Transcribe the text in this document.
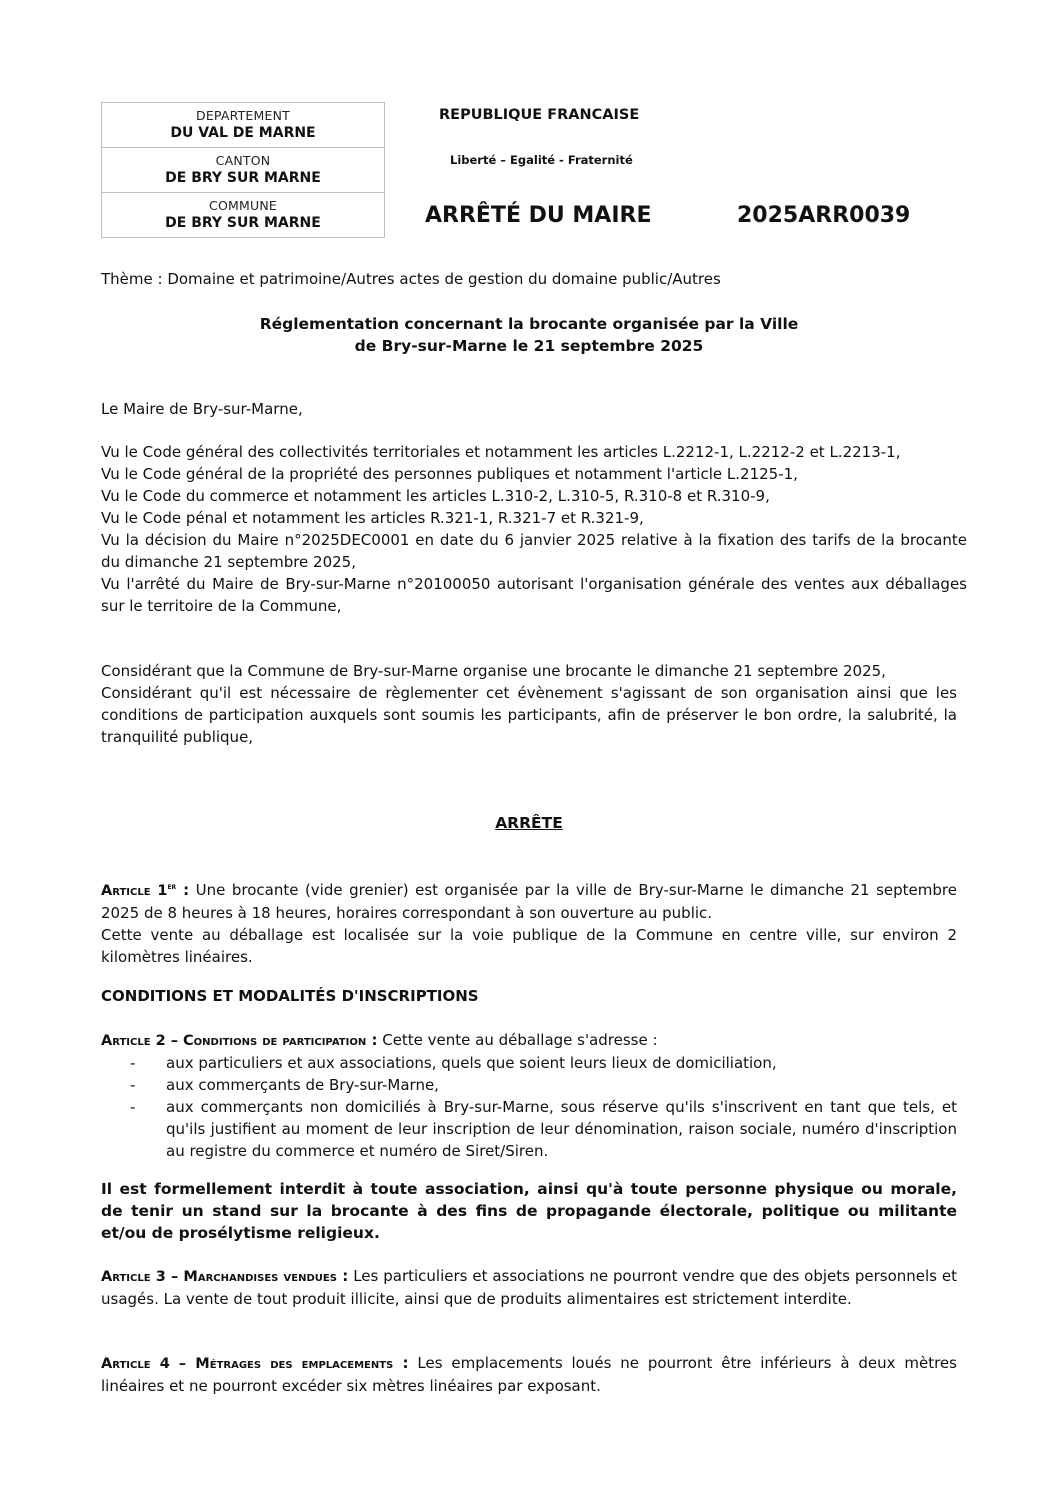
DEPARTEMENT
DU VAL DE MARNE

CANTON
DE BRY SUR MARNE

COMMUNE
DE BRY SUR MARNE
REPUBLIQUE FRANCAISE
Liberté – Egalité - Fraternité
ARRÊTÉ DU MAIRE	2025ARR0039
Thème : Domaine et patrimoine/Autres actes de gestion du domaine public/Autres
Réglementation concernant la brocante organisée par la Ville
de Bry-sur-Marne le 21 septembre 2025
Le Maire de Bry-sur-Marne,

Vu le Code général des collectivités territoriales et notamment les articles L.2212-1, L.2212-2 et L.2213-1,

Vu le Code général de la propriété des personnes publiques et notamment l'article L.2125-1,

Vu le Code du commerce et notamment les articles L.310-2, L.310-5, R.310-8 et R.310-9,

Vu le Code pénal et notamment les articles R.321-1, R.321-7 et R.321-9,

Vu la décision du Maire n°2025DEC0001 en date du 6 janvier 2025 relative à la fixation des tarifs de la brocante du dimanche 21 septembre 2025,

Vu l'arrêté du Maire de Bry-sur-Marne n°20100050 autorisant l'organisation générale des ventes aux déballages sur le territoire de la Commune,

Considérant que la Commune de Bry-sur-Marne organise une brocante le dimanche 21 septembre 2025,

Considérant qu'il est nécessaire de règlementer cet évènement s'agissant de son organisation ainsi que les conditions de participation auxquels sont soumis les participants, afin de préserver le bon ordre, la salubrité, la tranquilité publique,

ARRÊTE

Article 1er : Une brocante (vide grenier) est organisée par la ville de Bry-sur-Marne le dimanche 21 septembre 2025 de 8 heures à 18 heures, horaires correspondant à son ouverture au public.

Cette vente au déballage est localisée sur la voie publique de la Commune en centre ville, sur environ 2 kilomètres linéaires.

CONDITIONS ET MODALITÉS D'INSCRIPTIONS

Article 2 – Conditions de participation : Cette vente au déballage s'adresse :

- aux particuliers et aux associations, quels que soient leurs lieux de domiciliation,
- aux commerçants de Bry-sur-Marne,
- aux commerçants non domiciliés à Bry-sur-Marne, sous réserve qu'ils s'inscrivent en tant que tels, et qu'ils justifient au moment de leur inscription de leur dénomination, raison sociale, numéro d'inscription au registre du commerce et numéro de Siret/Siren.
Il est formellement interdit à toute association, ainsi qu'à toute personne physique ou morale, de tenir un stand sur la brocante à des fins de propagande électorale, politique ou militante et/ou de prosélytisme religieux.

Article 3 – Marchandises vendues : Les particuliers et associations ne pourront vendre que des objets personnels et usagés. La vente de tout produit illicite, ainsi que de produits alimentaires est strictement interdite.

Article 4 – Métrages des emplacements : Les emplacements loués ne pourront être inférieurs à deux mètres linéaires et ne pourront excéder six mètres linéaires par exposant.
